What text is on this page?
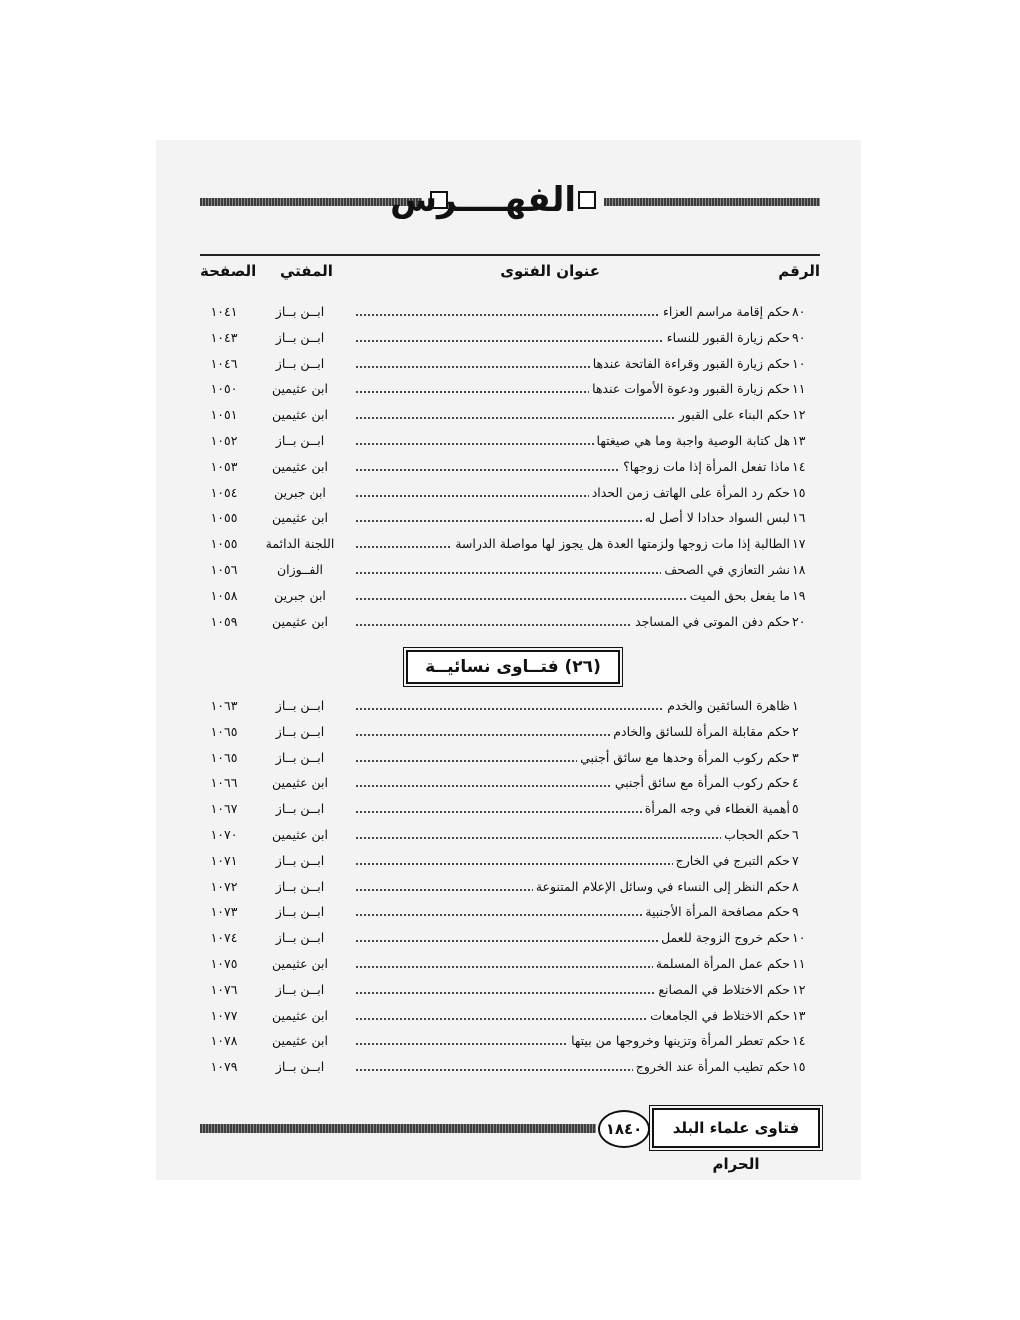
الفهــــرس
الرقم
عنوان الفتوى
المفتي
الصفحة
٨٠
حكم إقامة مراسم العزاء
ابــن بــاز
١٠٤١
٩٠
حكم زيارة القبور للنساء
ابــن بــاز
١٠٤٣
١٠
حكم زيارة القبور وقراءة الفاتحة عندها
ابــن بــاز
١٠٤٦
١١
حكم زيارة القبور ودعوة الأموات عندها
ابن عثيمين
١٠٥٠
١٢
حكم البناء على القبور
ابن عثيمين
١٠٥١
١٣
هل كتابة الوصية واجبة وما هي صيغتها
ابــن بــاز
١٠٥٢
١٤
ماذا تفعل المرأة إذا مات زوجها؟
ابن عثيمين
١٠٥٣
١٥
حكم رد المرأة على الهاتف زمن الحداد
ابن جبرين
١٠٥٤
١٦
لبس السواد حدادا لا أصل له
ابن عثيمين
١٠٥٥
١٧
الطالبة إذا مات زوجها ولزمتها العدة هل يجوز لها مواصلة الدراسة
اللجنة الدائمة
١٠٥٥
١٨
نشر التعازي في الصحف
الفــوزان
١٠٥٦
١٩
ما يفعل بحق الميت
ابن جبرين
١٠٥٨
٢٠
حكم دفن الموتى في المساجد
ابن عثيمين
١٠٥٩
(٢٦) فتــاوى نسائيــة
١
ظاهرة السائقين والخدم
ابــن بــاز
١٠٦٣
٢
حكم مقابلة المرأة للسائق والخادم
ابــن بــاز
١٠٦٥
٣
حكم ركوب المرأة وحدها مع سائق أجنبي
ابــن بــاز
١٠٦٥
٤
حكم ركوب المرأة مع سائق أجنبي
ابن عثيمين
١٠٦٦
٥
أهمية الغطاء في وجه المرأة
ابــن بــاز
١٠٦٧
٦
حكم الحجاب
ابن عثيمين
١٠٧٠
٧
حكم التبرج في الخارج
ابــن بــاز
١٠٧١
٨
حكم النظر إلى النساء في وسائل الإعلام المتنوعة
ابــن بــاز
١٠٧٢
٩
حكم مصافحة المرأة الأجنبية
ابــن بــاز
١٠٧٣
١٠
حكم خروج الزوجة للعمل
ابــن بــاز
١٠٧٤
١١
حكم عمل المرأة المسلمة
ابن عثيمين
١٠٧٥
١٢
حكم الاختلاط في المصانع
ابــن بــاز
١٠٧٦
١٣
حكم الاختلاط في الجامعات
ابن عثيمين
١٠٧٧
١٤
حكم تعطر المرأة وتزينها وخروجها من بيتها
ابن عثيمين
١٠٧٨
١٥
حكم تطيب المرأة عند الخروج
ابــن بــاز
١٠٧٩
١٨٤٠	فتاوى علماء البلد الحرام
